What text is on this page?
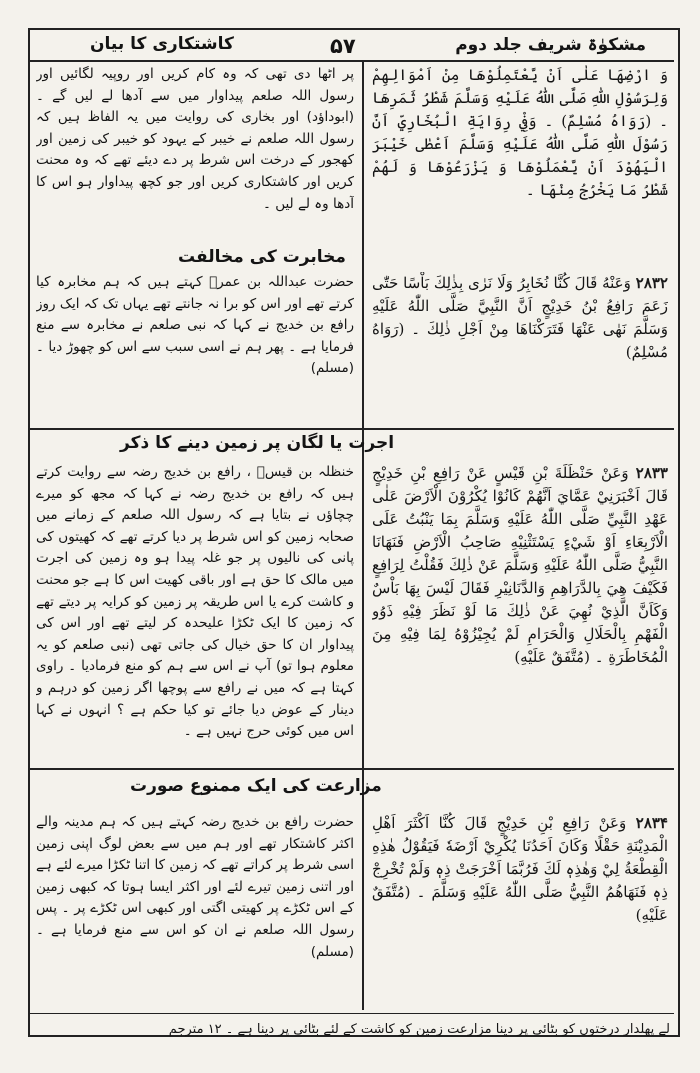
کاشتکاری کا بیان	۵۷	مشکوٰۃ شریف جلد دوم
وَ ارْضِهَا عَلٰى اَنْ يَّعْتَمِلُوْهَا مِنْ اَمْوَالِهِمْ وَلِرَسُوْلِ اللّٰهِ صَلَّى اللّٰهُ عَلَيْهِ وَسَلَّمَ شَطْرُ ثَمَرِهَا ۔ (رَوَاهُ مُسْلِمٌ) ۔ وَفِيْ رِوَايَةِ الْبُخَارِيِّ اَنَّ رَسُوْلَ اللّٰهِ صَلَّى اللّٰهُ عَلَيْهِ وَسَلَّمَ اَعْطٰى خَيْبَرَ الْيَهُوْدَ اَنْ يَّعْمَلُوْهَا وَ يَزْرَعُوْهَا وَ لَهُمْ شَطْرُ مَا يَخْرُجُ مِنْهَا ۔
پر اٹھا دی تھی کہ وہ کام کریں اور روپیہ لگائیں اور رسول اللہ صلعم پیداوار میں سے آدھا لے لیں گے ۔ (ابوداؤد) اور بخاری کی روایت میں یہ الفاظ ہیں کہ رسول اللہ صلعم نے خیبر کے یہود کو خیبر کی زمین اور کھجور کے درخت اس شرط پر دے دیئے تھے کہ وہ محنت کریں اور کاشتکاری کریں اور جو کچھ پیداوار ہو اس کا آدھا وہ لے لیں ۔
مخابرت کی مخالفت
۲۸۳۲ وَعَنْهُ قَالَ كُنَّا نُخَابِرُ وَلَا نَرٰى بِذٰلِكَ بَاْسًا حَتّٰى زَعَمَ رَافِعُ بْنُ خَدِيْجٍ اَنَّ النَّبِيَّ صَلَّى اللّٰهُ عَلَيْهِ وَسَلَّمَ نَهٰى عَنْهَا فَتَرَكْنَاهَا مِنْ اَجْلِ ذٰلِكَ ۔ (رَوَاهُ مُسْلِمٌ)
حضرت عبداللہ بن عمرؓ کہتے ہیں کہ ہم مخابرہ کیا کرتے تھے اور اس کو برا نہ جانتے تھے یہاں تک کہ ایک روز رافع بن خدیج نے کہا کہ نبی صلعم نے مخابرہ سے منع فرمایا ہے ۔ پھر ہم نے اسی سبب سے اس کو چھوڑ دیا ۔ (مسلم)
اجرت یا لگان پر زمین دینے کا ذکر
۲۸۳۳ وَعَنْ حَنْظَلَةَ بْنِ قَيْسٍ عَنْ رَافِعِ بْنِ خَدِيْجٍ قَالَ اَخْبَرَنِيْ عَمَّايَ اَنَّهُمْ كَانُوْا يُكْرُوْنَ الْاَرْضَ عَلٰى عَهْدِ النَّبِيِّ صَلَّى اللّٰهُ عَلَيْهِ وَسَلَّمَ بِمَا يَنْبُتُ عَلَى الْاَرْبِعَاءِ اَوْ شَيْءٍ يَسْتَثْنِيْهِ صَاحِبُ الْاَرْضِ فَنَهَانَا النَّبِيُّ صَلَّى اللّٰهُ عَلَيْهِ وَسَلَّمَ عَنْ ذٰلِكَ فَقُلْتُ لِرَافِعٍ فَكَيْفَ هِيَ بِالدَّرَاهِمِ وَالدَّنَانِيْرِ فَقَالَ لَيْسَ بِهَا بَاْسٌ وَكَاَنَّ الَّذِيْ نُهِيَ عَنْ ذٰلِكَ مَا لَوْ نَظَرَ فِيْهِ ذَوُو الْفَهْمِ بِالْحَلَالِ وَالْحَرَامِ لَمْ يُجِيْزُوْهُ لِمَا فِيْهِ مِنَ الْمُخَاطَرَةِ ۔ (مُتَّفَقٌ عَلَيْهِ)
خنظلہ بن قیسؓ ، رافع بن خدیج رضہ سے روایت کرتے ہیں کہ رافع بن خدیج رضہ نے کہا کہ مجھ کو میرے چچاؤں نے بتایا ہے کہ رسول اللہ صلعم کے زمانے میں صحابہ زمین کو اس شرط پر دیا کرتے تھے کہ کھیتوں کی پانی کی نالیوں پر جو غلہ پیدا ہو وہ زمین کی اجرت میں مالک کا حق ہے اور باقی کھیت اس کا ہے جو محنت و کاشت کرے یا اس طریقہ پر زمین کو کرایہ پر دیتے تھے کہ زمین کا ایک ٹکڑا علیحدہ کر لیتے تھے اور اس کی پیداوار ان کا حق خیال کی جاتی تھی (نبی صلعم کو یہ معلوم ہوا تو) آپ نے اس سے ہم کو منع فرمادیا ۔ راوی کہتا ہے کہ میں نے رافع سے پوچھا اگر زمین کو درہم و دینار کے عوض دیا جائے تو کیا حکم ہے ؟ انہوں نے کہا اس میں کوئی حرج نہیں ہے ۔
مزارعت کی ایک ممنوع صورت
۲۸۳۴ وَعَنْ رَافِعِ بْنِ خَدِيْجٍ قَالَ كُنَّا اَكْثَرَ اَهْلِ الْمَدِيْنَةِ حَقْلًا وَكَانَ اَحَدُنَا يُكْرِيْ اَرْضَهٗ فَيَقُوْلُ هٰذِهِ الْقِطْعَةُ لِيْ وَهٰذِهٖ لَكَ فَرُبَّمَا اَخْرَجَتْ ذِهٖ وَلَمْ تُخْرِجْ ذِهٖ فَنَهَاهُمُ النَّبِيُّ صَلَّى اللّٰهُ عَلَيْهِ وَسَلَّمَ ۔ (مُتَّفَقٌ عَلَيْهِ)
حضرت رافع بن خدیج رضہ کہتے ہیں کہ ہم مدینہ والے اکثر کاشتکار تھے اور ہم میں سے بعض لوگ اپنی زمین اسی شرط پر کراتے تھے کہ زمین کا اتنا ٹکڑا میرے لئے ہے اور اتنی زمین تیرے لئے اور اکثر ایسا ہوتا کہ کبھی زمین کے اس ٹکڑے پر کھیتی اگتی اور کبھی اس ٹکڑے پر ۔ پس رسول اللہ صلعم نے ان کو اس سے منع فرمایا ہے ۔ (مسلم)
لے پھلدار درختوں کو بٹائی پر دینا مزارعت زمین کو کاشت کے لئے بٹائی پر دینا ہے ۔ ۱۲ مترجم
